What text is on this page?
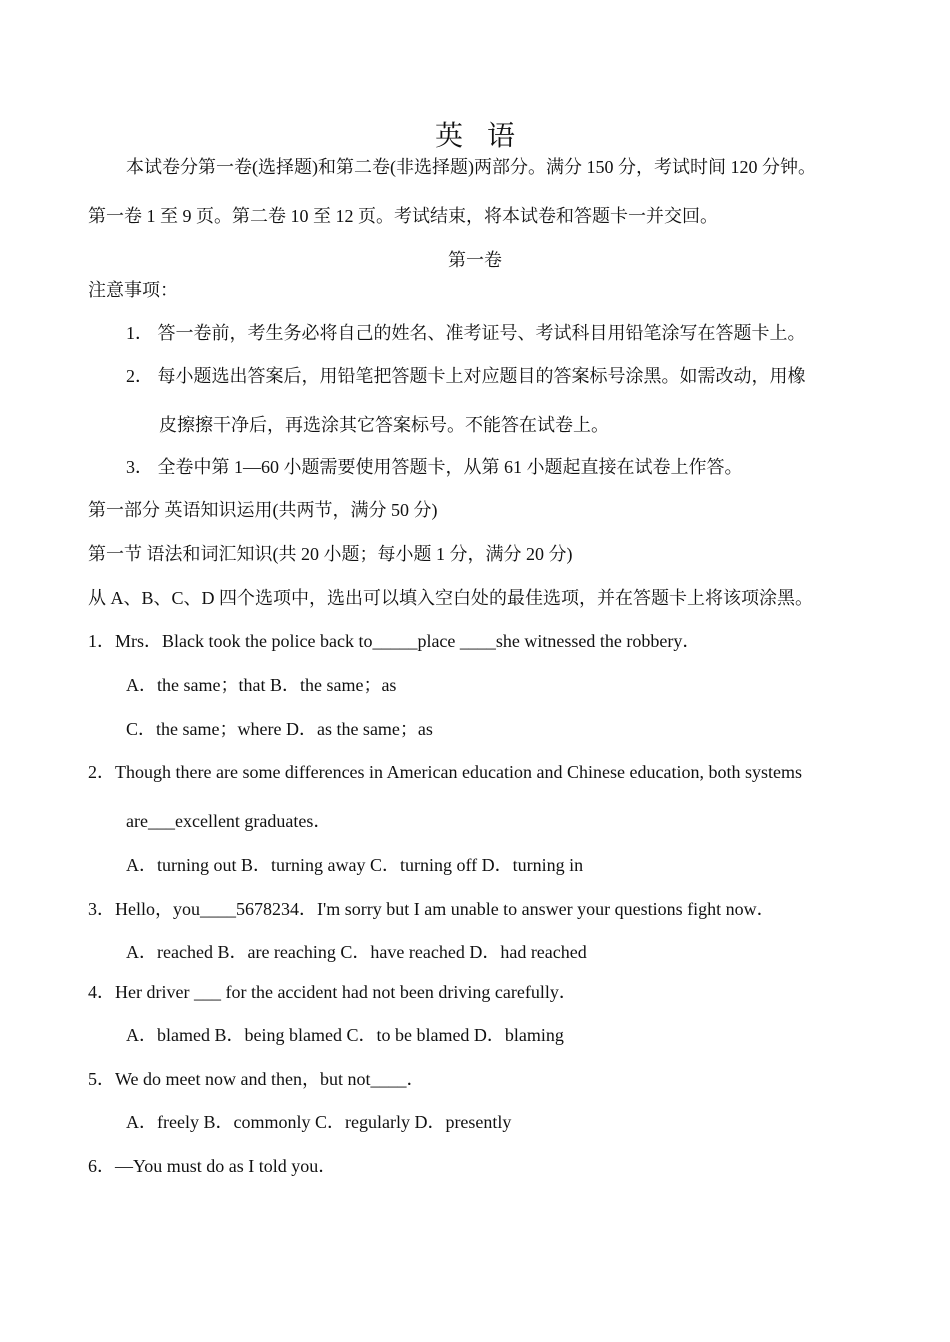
英语
本试卷分第一卷(选择题)和第二卷(非选择题)两部分。满分 150 分，考试时间 120 分钟。
第一卷 1 至 9 页。第二卷 10 至 12 页。考试结束，将本试卷和答题卡一并交回。
第一卷
注意事项：
1． 答一卷前，考生务必将自己的姓名、准考证号、考试科目用铅笔涂写在答题卡上。
2． 每小题选出答案后，用铅笔把答题卡上对应题目的答案标号涂黑。如需改动，用橡
皮擦擦干净后，再选涂其它答案标号。不能答在试卷上。
3． 全卷中第 1—60 小题需要使用答题卡，从第 61 小题起直接在试卷上作答。
第一部分 英语知识运用(共两节，满分 50 分)
第一节 语法和词汇知识(共 20 小题；每小题 1 分，满分 20 分)
从 A、B、C、D 四个选项中，选出可以填入空白处的最佳选项，并在答题卡上将该项涂黑。
1．Mrs．Black took the police back to_____place ____she witnessed the robbery．
A．the same；that B．the same；as
C．the same；where D．as the same；as
2．Though there are some differences in American education and Chinese education, both systems
are___excellent graduates．
A．turning out B．turning away C．turning off D．turning in
3．Hello，you____5678234．I'm sorry but I am unable to answer your questions fight now．
A．reached B．are reaching C．have reached D．had reached
4．Her driver ___ for the accident had not been driving carefully．
A．blamed B．being blamed C．to be blamed D．blaming
5．We do meet now and then，but not____．
A．freely B．commonly C．regularly D．presently
6．—You must do as I told you．
